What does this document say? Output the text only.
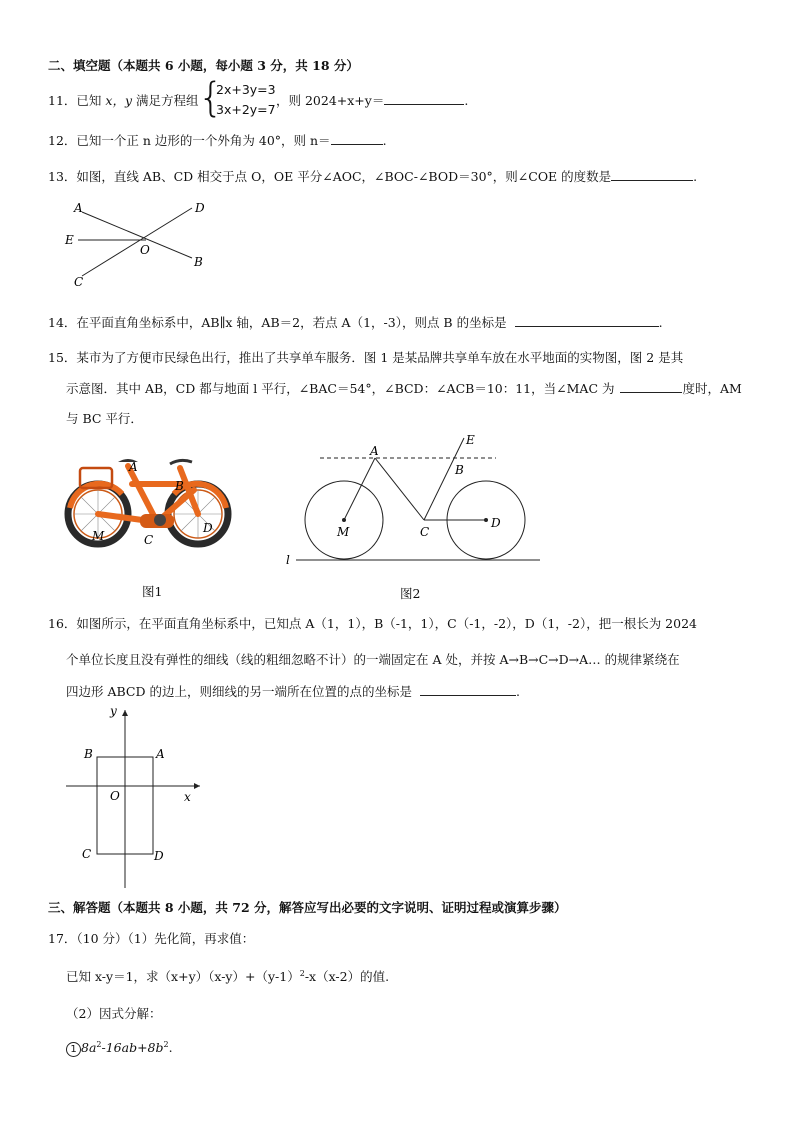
二、填空题（本题共 6 小题，每小题 3 分，共 18 分）
11．已知 x，y 满足方程组 {
2x+3y=3
3x+2y=7
，则 2024+x+y＝	.
12．已知一个正 n 边形的一个外角为 40°，则 n＝	.
13．如图，直线 AB、CD 相交于点 O，OE 平分∠AOC，∠BOC-∠BOD＝30°，则∠COE 的度数是	.
A	D
E
O
B
C
14．在平面直角坐标系中，AB∥x 轴，AB＝2，若点 A（1，-3），则点 B 的坐标是	.
15．某市为了方便市民绿色出行，推出了共享单车服务．图 1 是某品牌共享单车放在水平地面的实物图，图 2 是其
示意图．其中 AB，CD 都与地面 l 平行，∠BAC＝54°，∠BCD：∠ACB＝10：11，当∠MAC 为	度时，AM
与 BC 平行．
A
B
D
M	C
图1
A
E
B
M	C
D
l
图2
16．如图所示，在平面直角坐标系中，已知点 A（1，1），B（-1，1），C（-1，-2），D（1，-2），把一根长为 2024
个单位长度且没有弹性的细线（线的粗细忽略不计）的一端固定在 A 处，并按 A→B→C→D→A… 的规律紧绕在
四边形 ABCD 的边上，则细线的另一端所在位置的点的坐标是	.
y
B	A
O	x
C	D
三、解答题（本题共 8 小题，共 72 分，解答应写出必要的文字说明、证明过程或演算步骤）
17．（10 分）（1）先化简，再求值：
已知 x-y＝1，求$(x+y)(x-y)+(y-1)^2-x(x-2)$的值.
（2）因式分解：
1 $8a^2-16ab+8b^2$.
